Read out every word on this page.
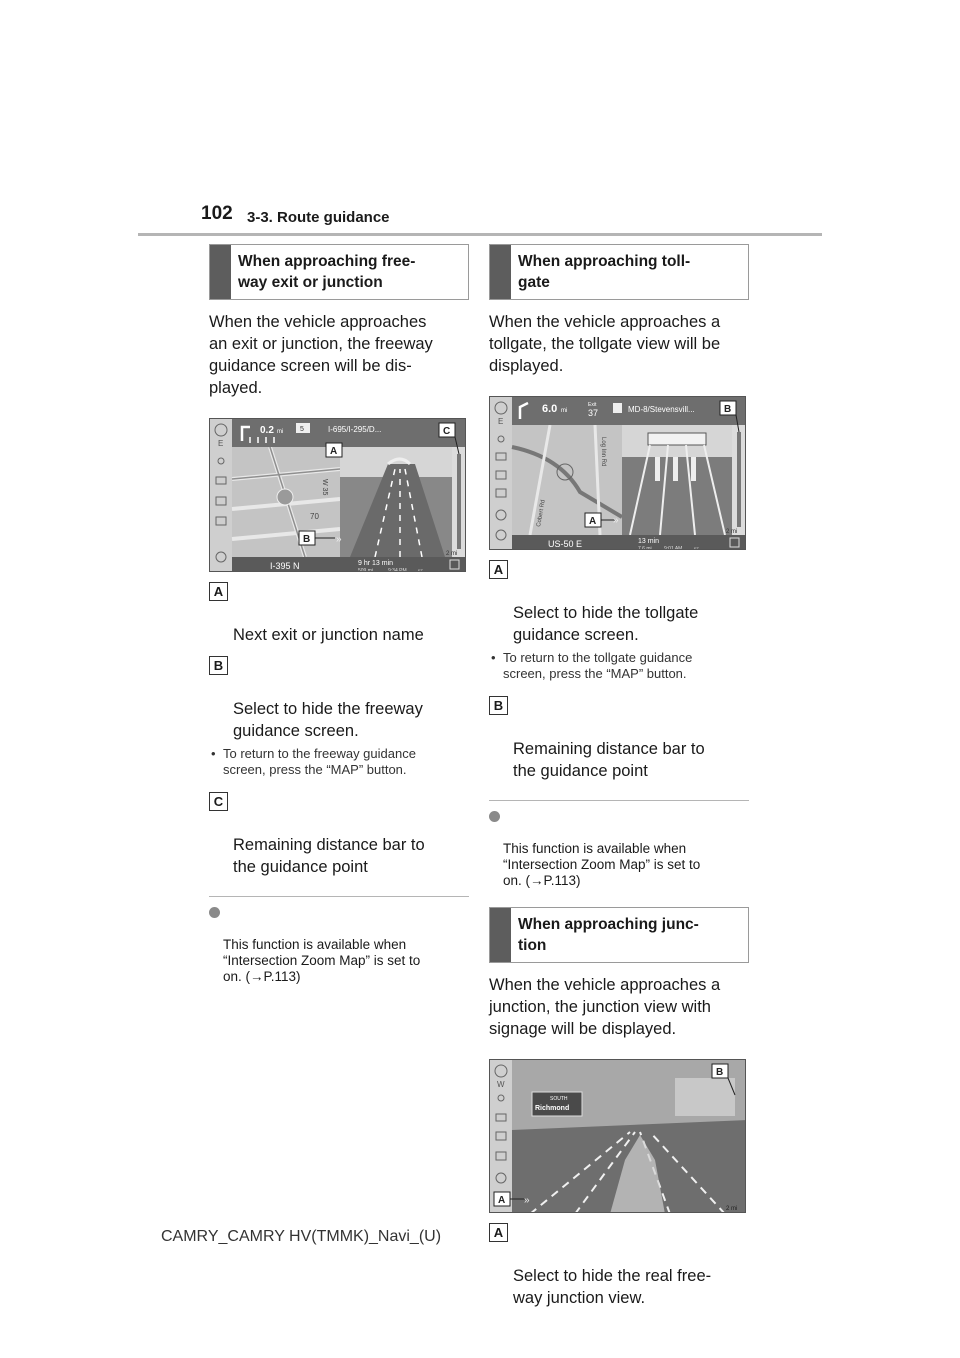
102 3-3. Route guidance
When approaching free-
way exit or junction
When the vehicle approaches
an exit or junction, the freeway
guidance screen will be dis-
played.
E
70
W 35
0.2 mi 5	I-695/I-295/D...
2 mi
I-395 N	9 hr 13 min
509 mi	9:34 PM	ET
A
B	»
C

A

Next exit or junction name

B

Select to hide the freeway
guidance screen.

• To return to the freeway guidance
screen, press the “MAP” button.

C

Remaining distance bar to
the guidance point

This function is available when
“Intersection Zoom Map” is set to
on. (→P.113)

When approaching toll-
gate
When the vehicle approaches a
tollgate, the tollgate view will be
displayed.
E
Log Inn Rd
Cobert Rd
6.0 mi
Exit
37	MD-8/Stevensvill...
2 mi
US-50 E	13 min
7.6 mi 9:01 AM	ET
A »
B

A

Select to hide the tollgate
guidance screen.

• To return to the tollgate guidance
screen, press the “MAP” button.

B

Remaining distance bar to
the guidance point

This function is available when
“Intersection Zoom Map” is set to
on. (→P.113)

When approaching junc-
tion
When the vehicle approaches a
junction, the junction view with
signage will be displayed.
SOUTH
Richmond
W
2 mi
B
A »

A

Select to hide the real free-
way junction view.

CAMRY_CAMRY HV(TMMK)_Navi_(U)
